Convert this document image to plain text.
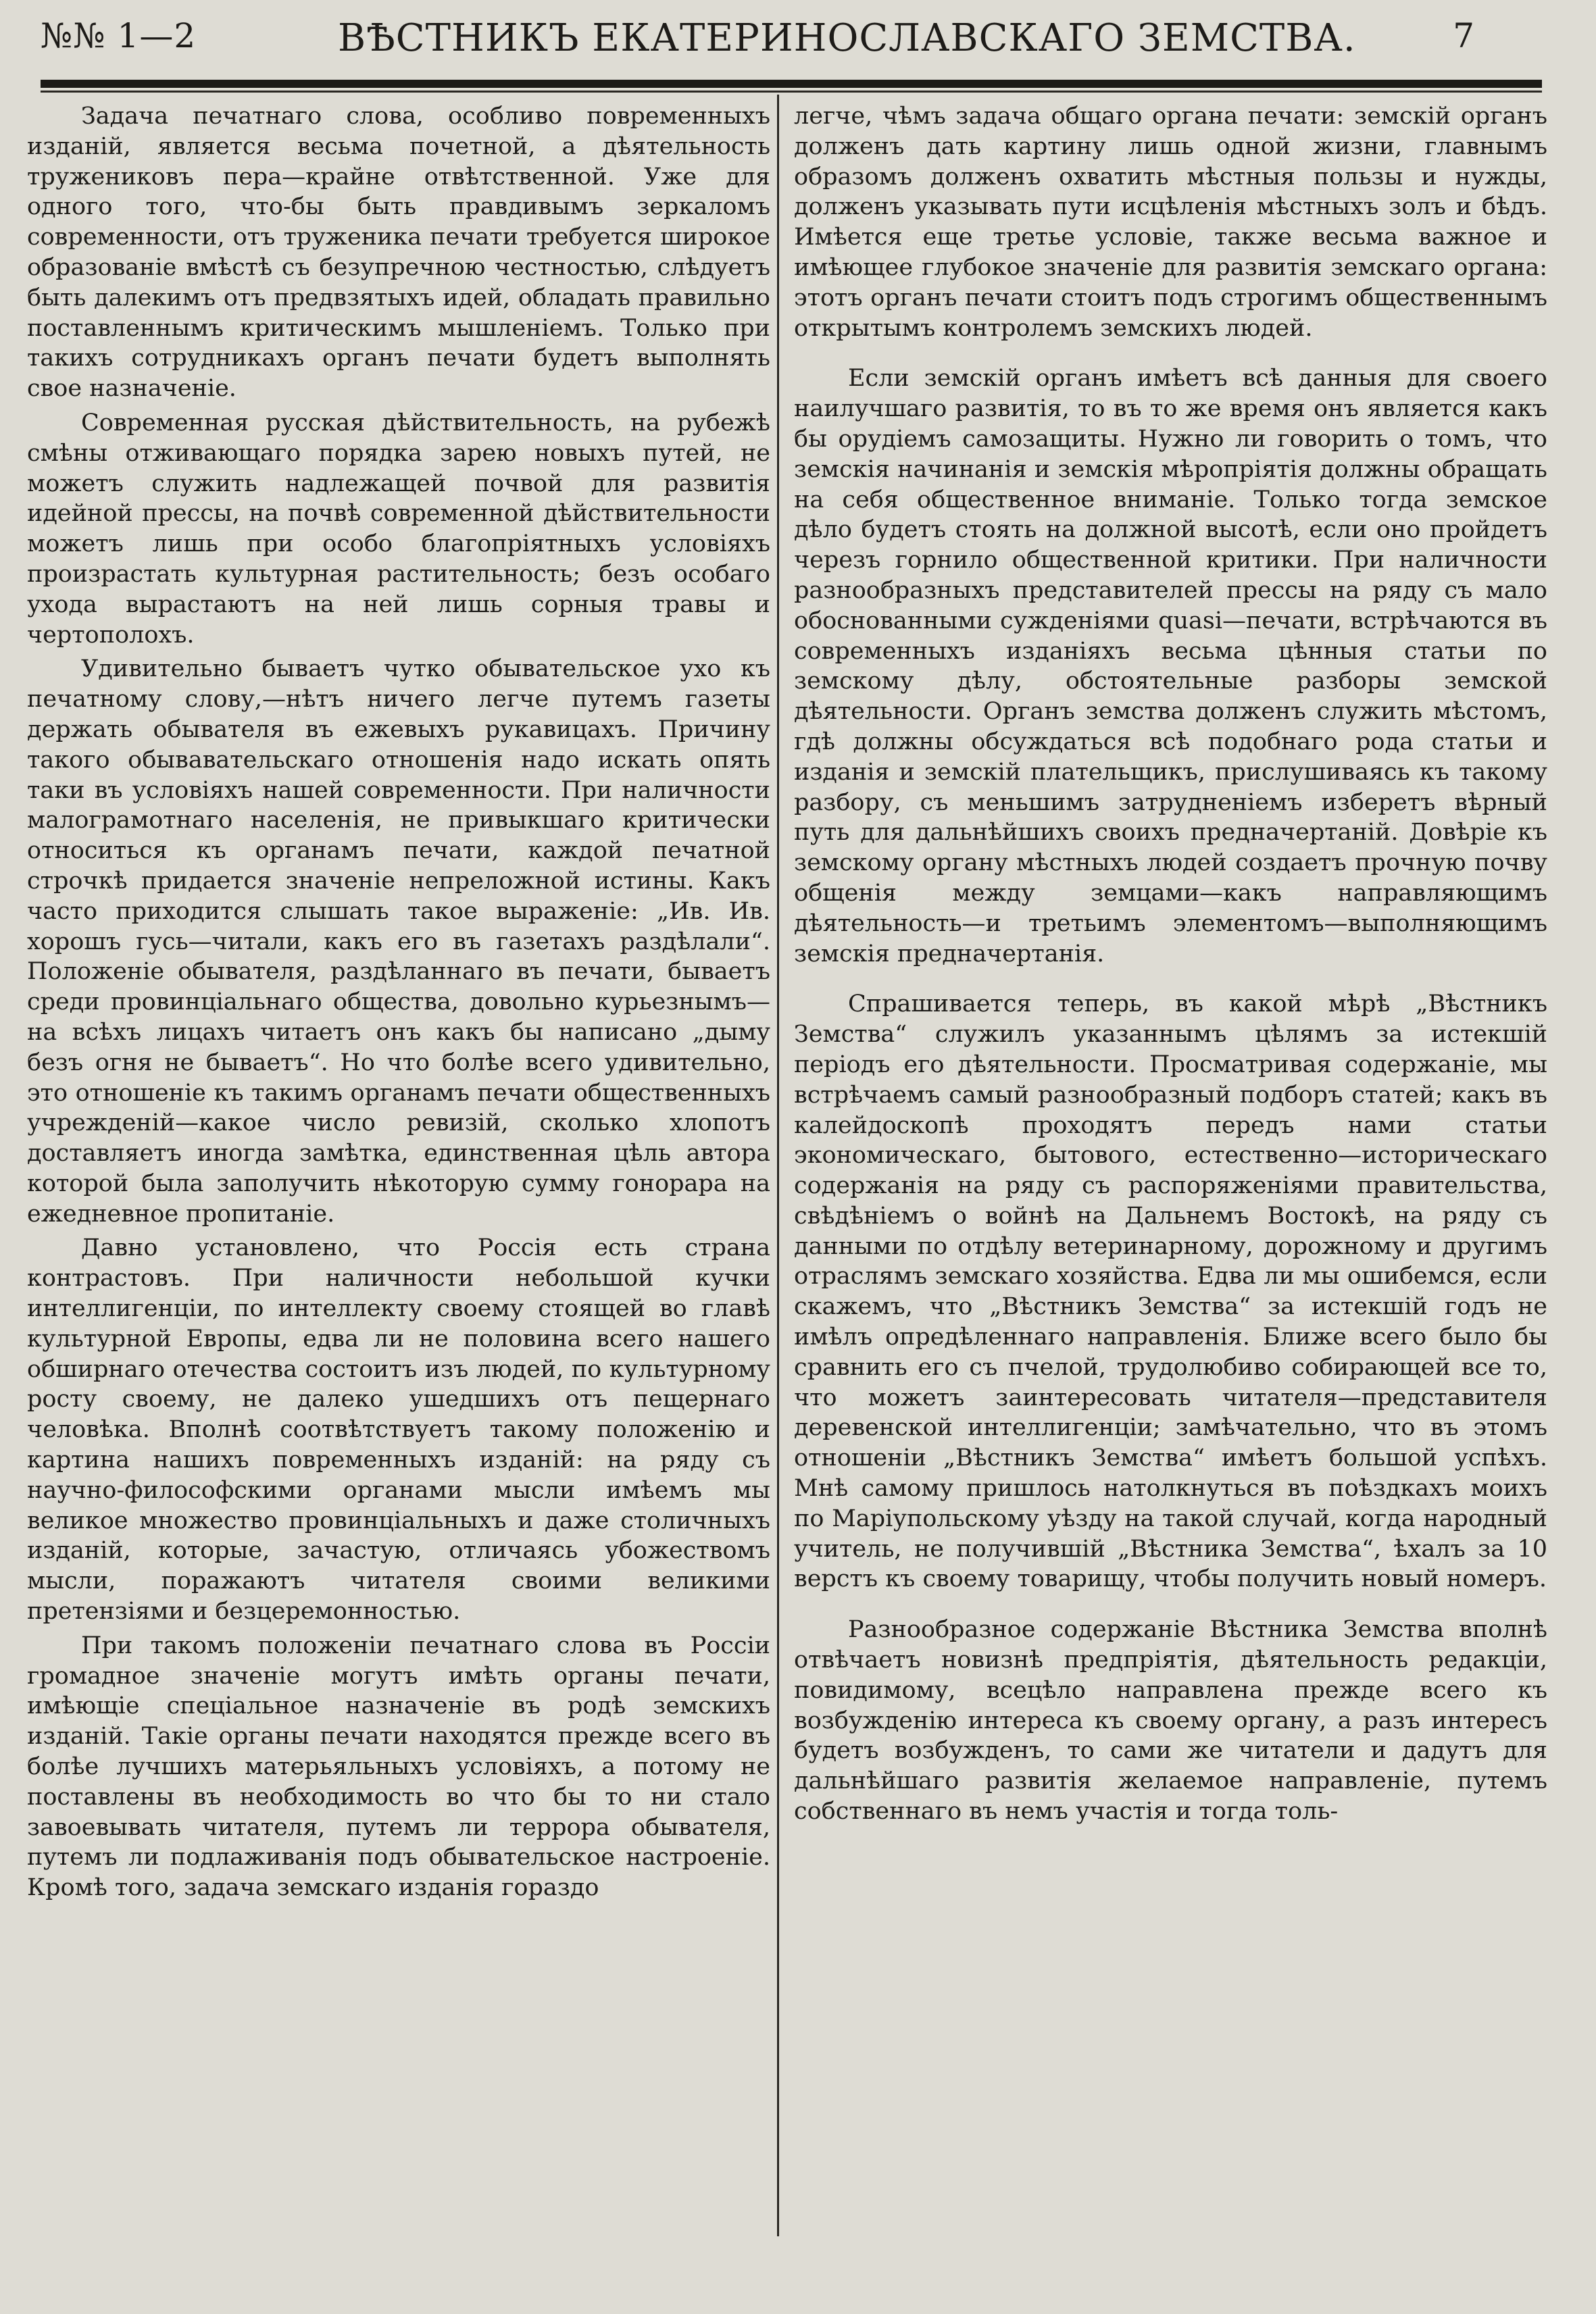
№№ 1—2	ВѢСТНИКЪ ЕКАТЕРИНОСЛАВСКАГО ЗЕМСТВА.	7

Задача печатнаго слова, особливо повременныхъ изданій, является весьма почетной, а дѣятельность тружениковъ пера—крайне отвѣтственной. Уже для одного того, что-бы быть правдивымъ зеркаломъ современности, отъ труженика печати требуется широкое образованіе вмѣстѣ съ безупречною честностью, слѣдуетъ быть далекимъ отъ предвзятыхъ идей, обладать правильно поставленнымъ критическимъ мышленіемъ. Только при такихъ сотрудникахъ органъ печати будетъ выполнять свое назначеніе.

Современная русская дѣйствительность, на рубежѣ смѣны отживающаго порядка зарею новыхъ путей, не можетъ служить надлежащей почвой для развитія идейной прессы, на почвѣ современной дѣйствительности можетъ лишь при особо благопріятныхъ условіяхъ произрастать культурная растительность; безъ особаго ухода вырастаютъ на ней лишь сорныя травы и чертополохъ.

Удивительно бываетъ чутко обывательское ухо къ печатному слову,—нѣтъ ничего легче путемъ газеты держать обывателя въ ежевыхъ рукавицахъ. Причину такого обывавательскаго отношенія надо искать опять таки въ условіяхъ нашей современности. При наличности малограмотнаго населенія, не привыкшаго критически относиться къ органамъ печати, каждой печатной строчкѣ придается значеніе непреложной истины. Какъ часто приходится слышать такое выраженіе: „Ив. Ив. хорошъ гусь—читали, какъ его въ газетахъ раздѣлали“. Положеніе обывателя, раздѣланнаго въ печати, бываетъ среди провинціальнаго общества, довольно курьезнымъ—на всѣхъ лицахъ читаетъ онъ какъ бы написано „дыму безъ огня не бываетъ“. Но что болѣе всего удивительно, это отношеніе къ такимъ органамъ печати общественныхъ учрежденій—какое число ревизій, сколько хлопотъ доставляетъ иногда замѣтка, единственная цѣль автора которой была заполучить нѣкоторую сумму гонорара на ежедневное пропитаніе.

Давно установлено, что Россія есть страна контрастовъ. При наличности небольшой кучки интеллигенціи, по интеллекту своему стоящей во главѣ культурной Европы, едва ли не половина всего нашего обширнаго отечества состоитъ изъ людей, по культурному росту своему, не далеко ушедшихъ отъ пещернаго человѣка. Вполнѣ соотвѣтствуетъ такому положенію и картина нашихъ повременныхъ изданій: на ряду съ научно-философскими органами мысли имѣемъ мы великое множество провинціальныхъ и даже столичныхъ изданій, которые, зачастую, отличаясь убожествомъ мысли, поражаютъ читателя своими великими претензіями и безцеремонностью.

При такомъ положеніи печатнаго слова въ Россіи громадное значеніе могутъ имѣть органы печати, имѣющіе спеціальное назначеніе въ родѣ земскихъ изданій. Такіе органы печати находятся прежде всего въ болѣе лучшихъ матерьяльныхъ условіяхъ, а потому не поставлены въ необходимость во что бы то ни стало завоевывать читателя, путемъ ли террора обывателя, путемъ ли подлаживанія подъ обывательское настроеніе. Кромѣ того, задача земскаго изданія гораздо

легче, чѣмъ задача общаго органа печати: земскій органъ долженъ дать картину лишь одной жизни, главнымъ образомъ долженъ охватить мѣстныя пользы и нужды, долженъ указывать пути исцѣленія мѣстныхъ золъ и бѣдъ. Имѣется еще третье условіе, также весьма важное и имѣющее глубокое значеніе для развитія земскаго органа: этотъ органъ печати стоитъ подъ строгимъ общественнымъ открытымъ контролемъ земскихъ людей.

Если земскій органъ имѣетъ всѣ данныя для своего наилучшаго развитія, то въ то же время онъ является какъ бы орудіемъ самозащиты. Нужно ли говорить о томъ, что земскія начинанія и земскія мѣропріятія должны обращать на себя общественное вниманіе. Только тогда земское дѣло будетъ стоять на должной высотѣ, если оно пройдетъ черезъ горнило общественной критики. При наличности разнообразныхъ представителей прессы на ряду съ мало обоснованными сужденіями quasi—печати, встрѣчаются въ современныхъ изданіяхъ весьма цѣнныя статьи по земскому дѣлу, обстоятельные разборы земской дѣятельности. Органъ земства долженъ служить мѣстомъ, гдѣ должны обсуждаться всѣ подобнаго рода статьи и изданія и земскій плательщикъ, прислушиваясь къ такому разбору, съ меньшимъ затрудненіемъ изберетъ вѣрный путь для дальнѣйшихъ своихъ предначертаній. Довѣріе къ земскому органу мѣстныхъ людей создаетъ прочную почву общенія между земцами—какъ направляющимъ дѣятельность—и третьимъ элементомъ—выполняющимъ земскія предначертанія.

Спрашивается теперь, въ какой мѣрѣ „Вѣстникъ Земства“ служилъ указаннымъ цѣлямъ за истекшій періодъ его дѣятельности. Просматривая содержаніе, мы встрѣчаемъ самый разнообразный подборъ статей; какъ въ калейдоскопѣ проходятъ передъ нами статьи экономическаго, бытового, естественно—историческаго содержанія на ряду съ распоряженіями правительства, свѣдѣніемъ о войнѣ на Дальнемъ Востокѣ, на ряду съ данными по отдѣлу ветеринарному, дорожному и другимъ отраслямъ земскаго хозяйства. Едва ли мы ошибемся, если скажемъ, что „Вѣстникъ Земства“ за истекшій годъ не имѣлъ опредѣленнаго направленія. Ближе всего было бы сравнить его съ пчелой, трудолюбиво собирающей все то, что можетъ заинтересовать читателя—представителя деревенской интеллигенціи; замѣчательно, что въ этомъ отношеніи „Вѣстникъ Земства“ имѣетъ большой успѣхъ. Мнѣ самому пришлось натолкнуться въ поѣздкахъ моихъ по Маріупольскому уѣзду на такой случай, когда народный учитель, не получившій „Вѣстника Земства“, ѣхалъ за 10 верстъ къ своему товарищу, чтобы получить новый номеръ.

Разнообразное содержаніе Вѣстника Земства вполнѣ отвѣчаетъ новизнѣ предпріятія, дѣятельность редакціи, повидимому, всецѣло направлена прежде всего къ возбужденію интереса къ своему органу, а разъ интересъ будетъ возбужденъ, то сами же читатели и дадутъ для дальнѣйшаго развитія желаемое направленіе, путемъ собственнаго въ немъ участія и тогда толь-
